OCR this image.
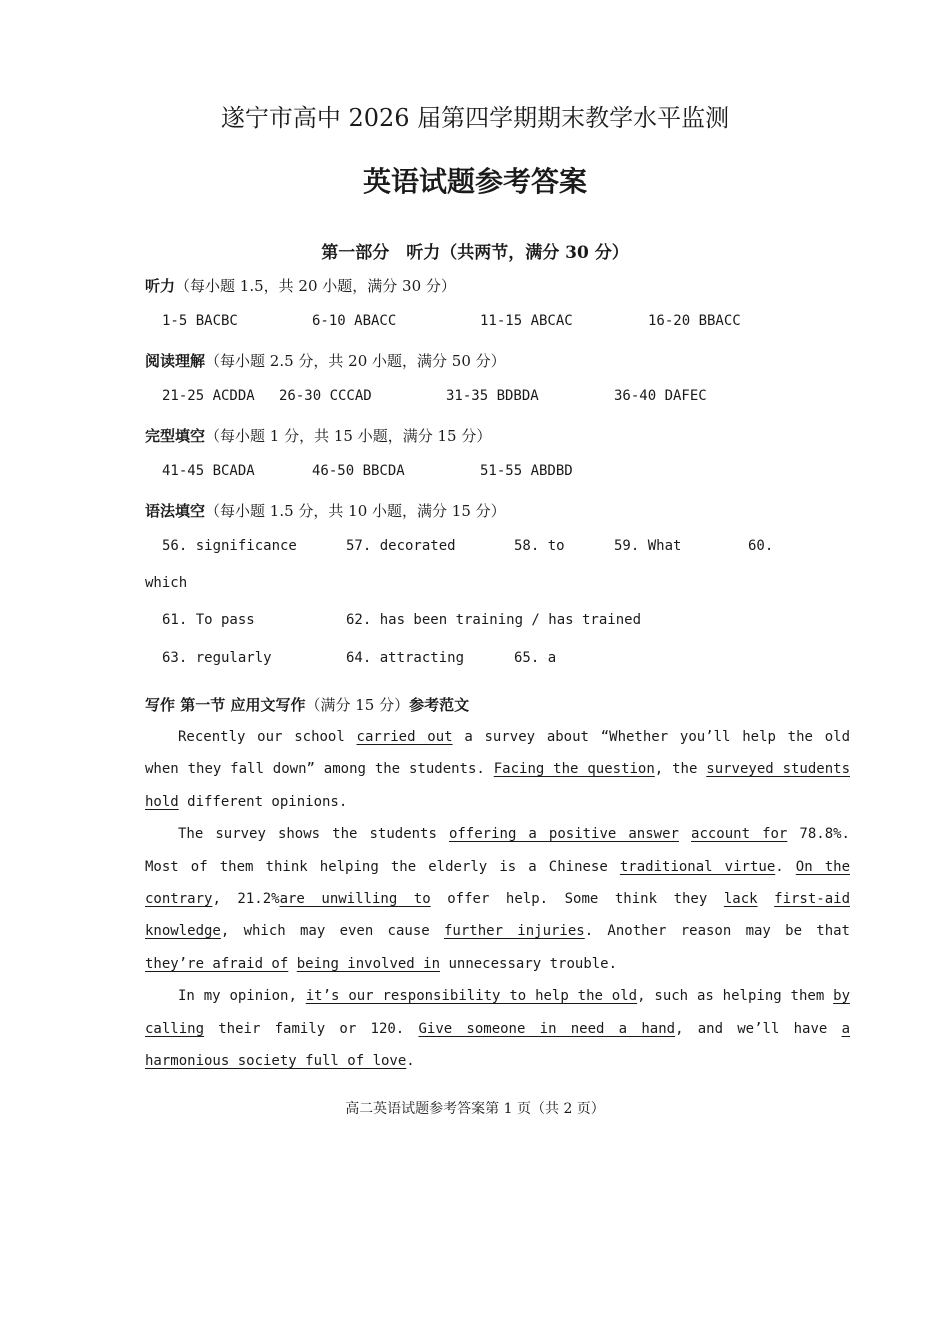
遂宁市高中 2026 届第四学期期末教学水平监测
英语试题参考答案
第一部分　听力（共两节，满分 30 分）
听力（每小题 1.5，共 20 小题，满分 30 分）
1-5 BACBC	6-10 ABACC	11-15 ABCAC	16-20 BBACC
阅读理解（每小题 2.5 分，共 20 小题，满分 50 分）
21-25 ACDDA 26-30 CCCAD	31-35 BDBDA	36-40 DAFEC
完型填空（每小题 1 分，共 15 小题，满分 15 分）
41-45 BCADA	46-50 BBCDA	51-55 ABDBD
语法填空（每小题 1.5 分，共 10 小题，满分 15 分）
56. significance	57. decorated	58. to	59. What	60.
which
61. To pass	62. has been training / has trained
63. regularly	64. attracting	65. a
写作 第一节 应用文写作（满分 15 分）参考范文

Recently our school carried out a survey about “Whether you’ll help the old when they fall down” among the students. Facing the question, the surveyed students hold different opinions.

The survey shows the students offering a positive answer account for 78.8%. Most of them think helping the elderly is a Chinese traditional virtue. On the contrary, 21.2%are unwilling to offer help. Some think they lack first-aid knowledge, which may even cause further injuries. Another reason may be that they’re afraid of being involved in unnecessary trouble.

In my opinion, it’s our responsibility to help the old, such as helping them by calling their family or 120. Give someone in need a hand, and we’ll have a harmonious society full of love.

高二英语试题参考答案第 1 页（共 2 页）
